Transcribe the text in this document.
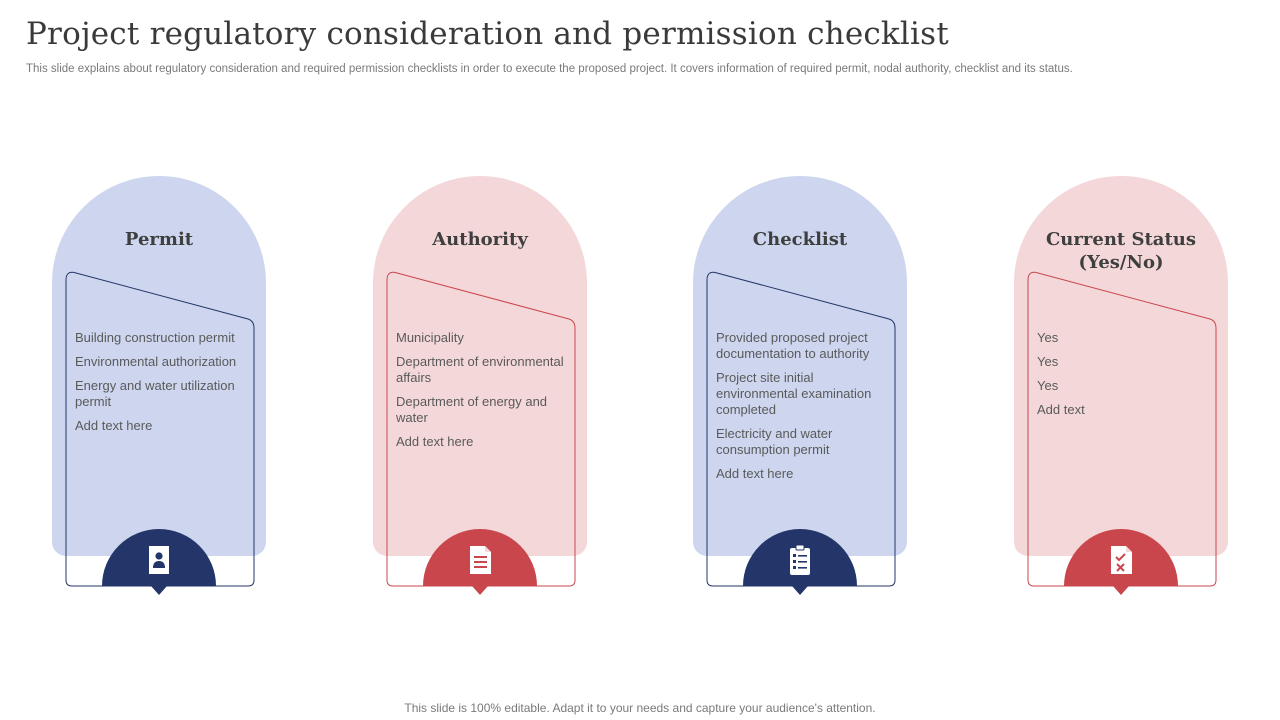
Project regulatory consideration and permission checklist
This slide explains about regulatory consideration and required permission checklists in order to execute the proposed project. It covers information of required permit, nodal authority, checklist and its status.
Permit
Building construction permit
Environmental authorization
Energy and water utilization permit
Add text here
Authority
Municipality
Department of environmental affairs
Department of energy and water
Add text here
Checklist
Provided proposed project documentation to authority
Project site initial environmental examination completed
Electricity and water consumption permit
Add text here
Current Status (Yes/No)
Yes
Yes
Yes
Add text
This slide is 100% editable. Adapt it to your needs and capture your audience's attention.
